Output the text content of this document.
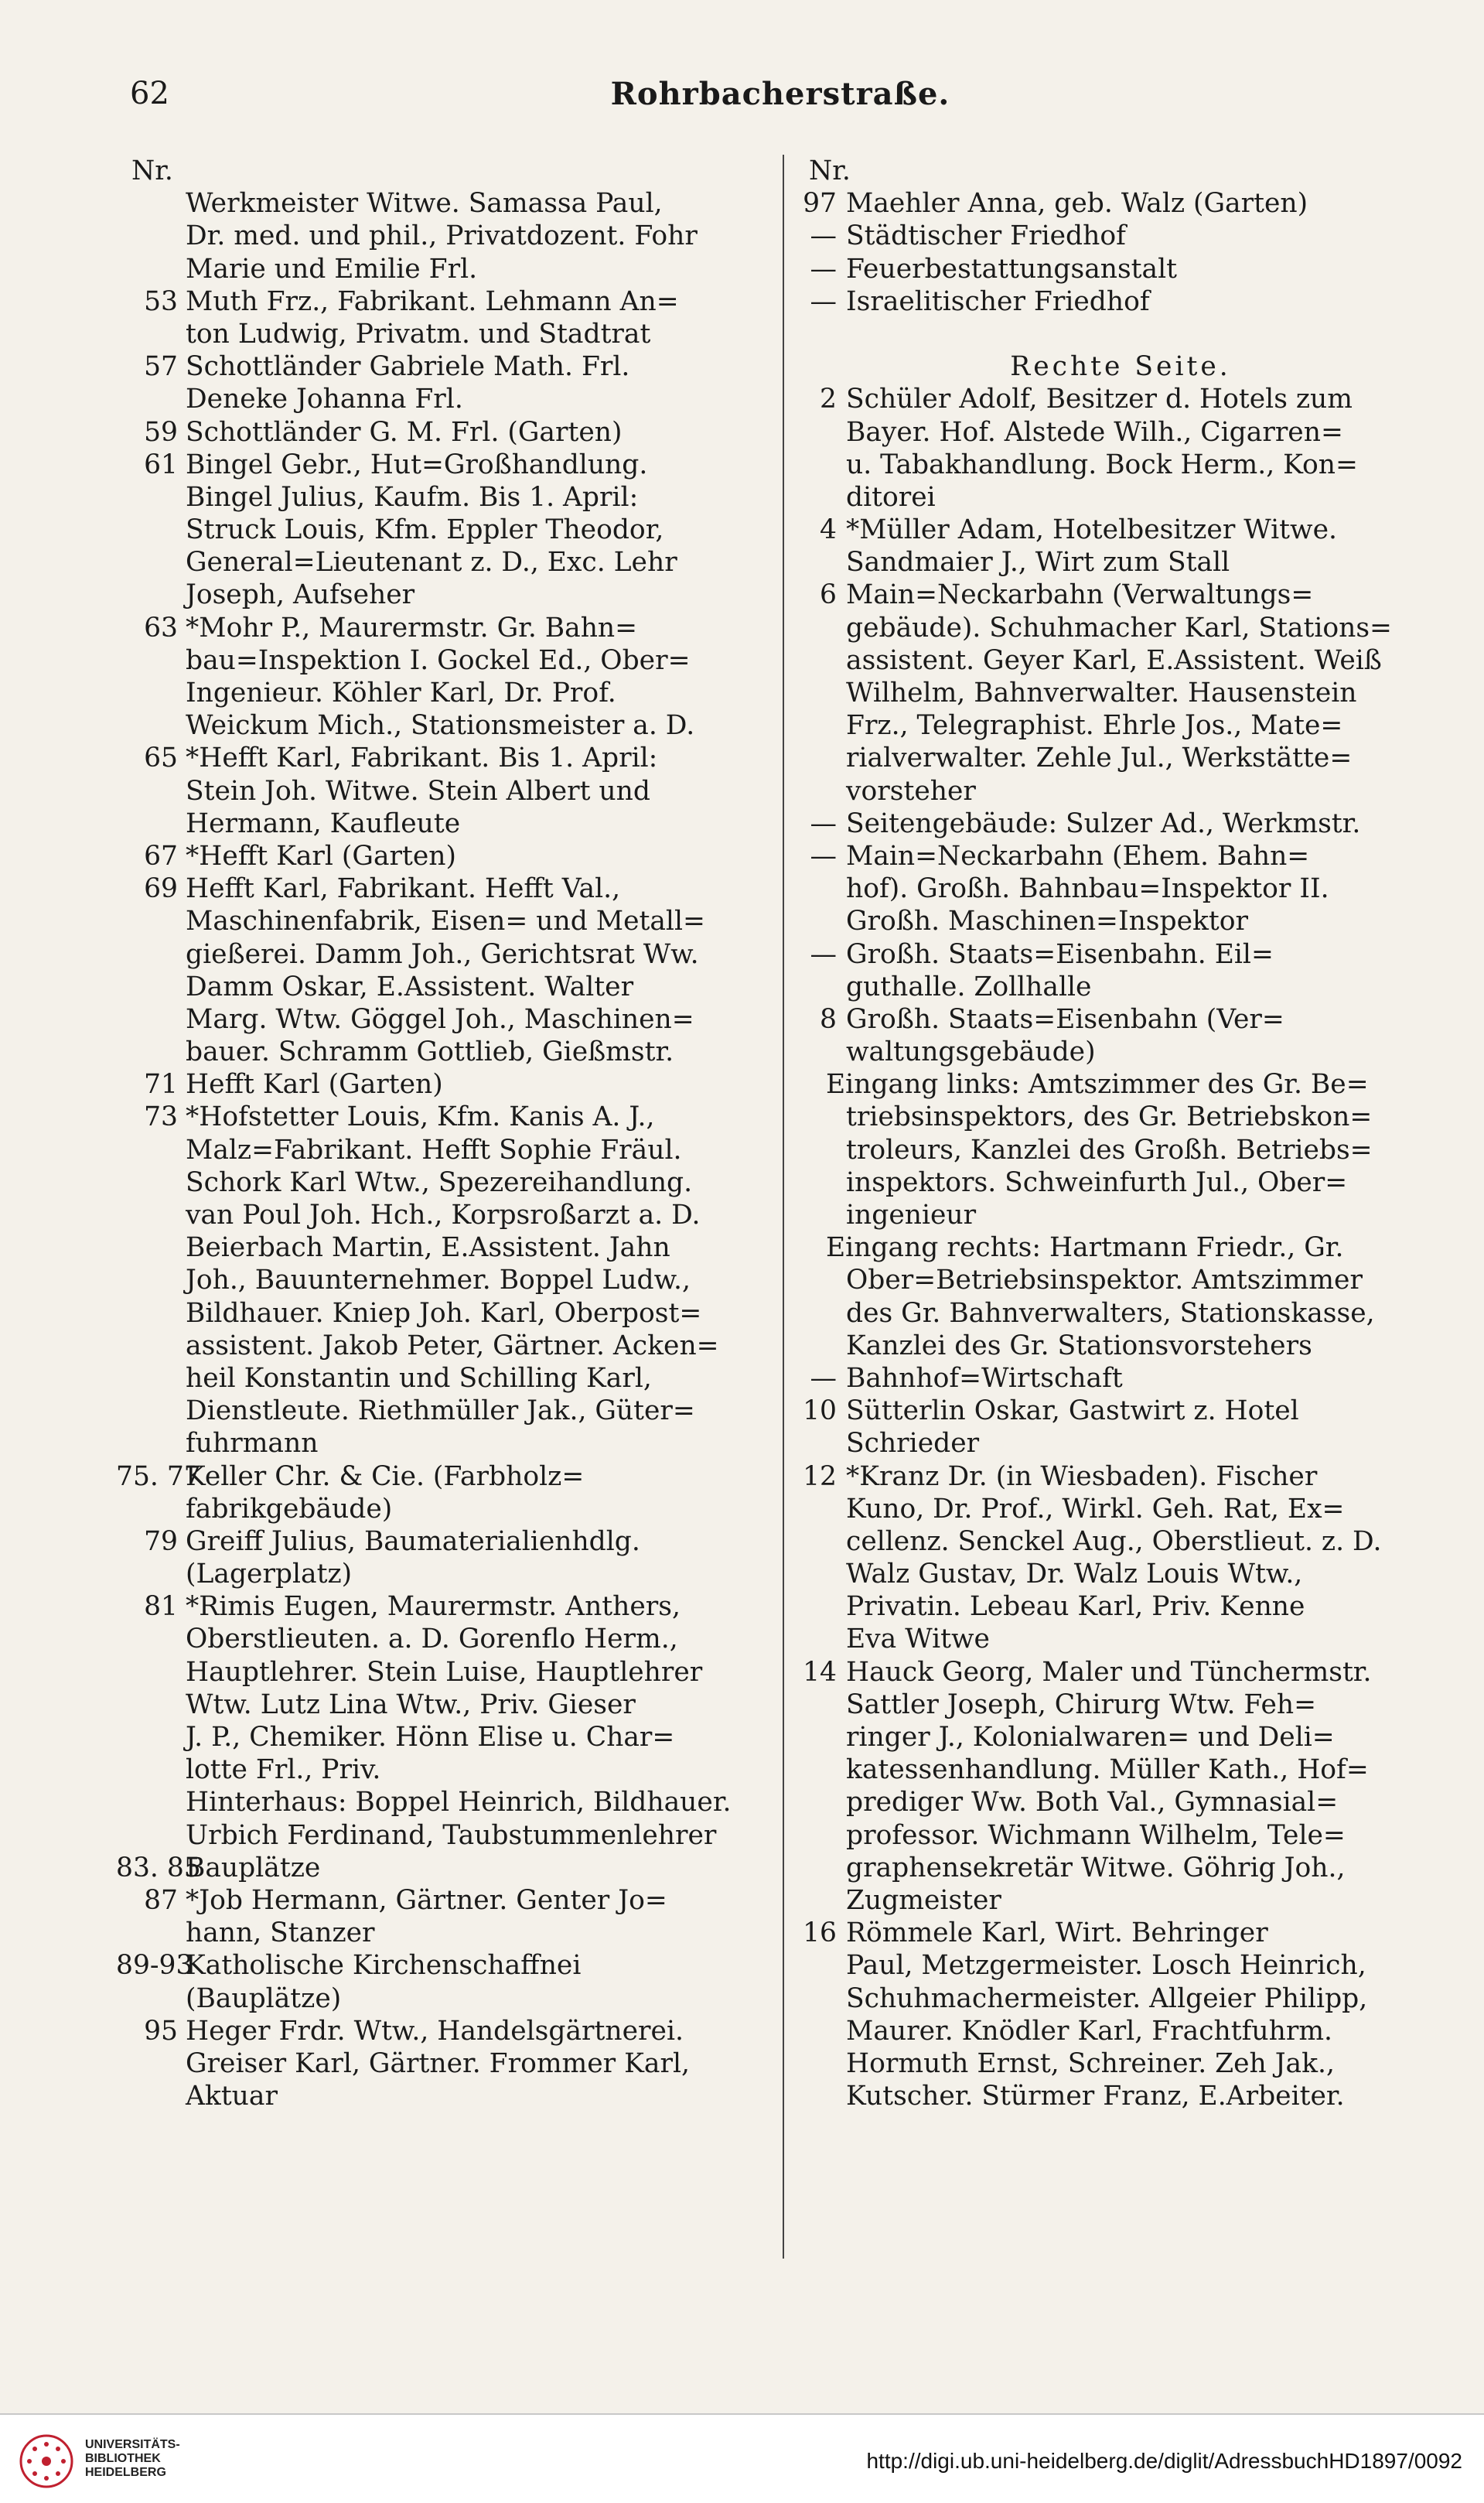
62	Rohrbacherstraße.
Nr.
Werkmeister Witwe. Samassa Paul,
Dr. med. und phil., Privatdozent. Fohr
Marie und Emilie Frl.
53 Muth Frz., Fabrikant. Lehmann An=
ton Ludwig, Privatm. und Stadtrat
57 Schottländer Gabriele Math. Frl.
Deneke Johanna Frl.
59 Schottländer G. M. Frl. (Garten)
61 Bingel Gebr., Hut=Großhandlung.
Bingel Julius, Kaufm. Bis 1. April:
Struck Louis, Kfm. Eppler Theodor,
General=Lieutenant z. D., Exc. Lehr
Joseph, Aufseher
63 *Mohr P., Maurermstr. Gr. Bahn=
bau=Inspektion I. Gockel Ed., Ober=
Ingenieur. Köhler Karl, Dr. Prof.
Weickum Mich., Stationsmeister a. D.
65 *Hefft Karl, Fabrikant. Bis 1. April:
Stein Joh. Witwe. Stein Albert und
Hermann, Kaufleute
67 *Hefft Karl (Garten)
69 Hefft Karl, Fabrikant. Hefft Val.,
Maschinenfabrik, Eisen= und Metall=
gießerei. Damm Joh., Gerichtsrat Ww.
Damm Oskar, E.Assistent. Walter
Marg. Wtw. Göggel Joh., Maschinen=
bauer. Schramm Gottlieb, Gießmstr.
71 Hefft Karl (Garten)
73 *Hofstetter Louis, Kfm. Kanis A. J.,
Malz=Fabrikant. Hefft Sophie Fräul.
Schork Karl Wtw., Spezereihandlung.
van Poul Joh. Hch., Korpsroßarzt a. D.
Beierbach Martin, E.Assistent. Jahn
Joh., Bauunternehmer. Boppel Ludw.,
Bildhauer. Kniep Joh. Karl, Oberpost=
assistent. Jakob Peter, Gärtner. Acken=
heil Konstantin und Schilling Karl,
Dienstleute. Riethmüller Jak., Güter=
fuhrmann
75. 77Keller Chr. & Cie. (Farbholz=
fabrikgebäude)
79 Greiff Julius, Baumaterialienhdlg.
(Lagerplatz)
81 *Rimis Eugen, Maurermstr. Anthers,
Oberstlieuten. a. D. Gorenflo Herm.,
Hauptlehrer. Stein Luise, Hauptlehrer
Wtw. Lutz Lina Wtw., Priv. Gieser
J. P., Chemiker. Hönn Elise u. Char=
lotte Frl., Priv.
Hinterhaus: Boppel Heinrich, Bildhauer.
Urbich Ferdinand, Taubstummenlehrer
83. 85Bauplätze
87 *Job Hermann, Gärtner. Genter Jo=
hann, Stanzer
89-93Katholische Kirchenschaffnei
(Bauplätze)
95 Heger Frdr. Wtw., Handelsgärtnerei.
Greiser Karl, Gärtner. Frommer Karl,
Aktuar
Nr.
97 Maehler Anna, geb. Walz (Garten)
— Städtischer Friedhof
— Feuerbestattungsanstalt
— Israelitischer Friedhof
Rechte Seite.
2 Schüler Adolf, Besitzer d. Hotels zum
Bayer. Hof. Alstede Wilh., Cigarren=
u. Tabakhandlung. Bock Herm., Kon=
ditorei
4 *Müller Adam, Hotelbesitzer Witwe.
Sandmaier J., Wirt zum Stall
6 Main=Neckarbahn (Verwaltungs=
gebäude). Schuhmacher Karl, Stations=
assistent. Geyer Karl, E.Assistent. Weiß
Wilhelm, Bahnverwalter. Hausenstein
Frz., Telegraphist. Ehrle Jos., Mate=
rialverwalter. Zehle Jul., Werkstätte=
vorsteher
— Seitengebäude: Sulzer Ad., Werkmstr.
— Main=Neckarbahn (Ehem. Bahn=
hof). Großh. Bahnbau=Inspektor II.
Großh. Maschinen=Inspektor
— Großh. Staats=Eisenbahn. Eil=
guthalle. Zollhalle
8 Großh. Staats=Eisenbahn (Ver=
waltungsgebäude)
Eingang links: Amtszimmer des Gr. Be=
triebsinspektors, des Gr. Betriebskon=
troleurs, Kanzlei des Großh. Betriebs=
inspektors. Schweinfurth Jul., Ober=
ingenieur
Eingang rechts: Hartmann Friedr., Gr.
Ober=Betriebsinspektor. Amtszimmer
des Gr. Bahnverwalters, Stationskasse,
Kanzlei des Gr. Stationsvorstehers
— Bahnhof=Wirtschaft
10 Sütterlin Oskar, Gastwirt z. Hotel
Schrieder
12 *Kranz Dr. (in Wiesbaden). Fischer
Kuno, Dr. Prof., Wirkl. Geh. Rat, Ex=
cellenz. Senckel Aug., Oberstlieut. z. D.
Walz Gustav, Dr. Walz Louis Wtw.,
Privatin. Lebeau Karl, Priv. Kenne
Eva Witwe
14 Hauck Georg, Maler und Tünchermstr.
Sattler Joseph, Chirurg Wtw. Feh=
ringer J., Kolonialwaren= und Deli=
katessenhandlung. Müller Kath., Hof=
prediger Ww. Both Val., Gymnasial=
professor. Wichmann Wilhelm, Tele=
graphensekretär Witwe. Göhrig Joh.,
Zugmeister
16 Römmele Karl, Wirt. Behringer
Paul, Metzgermeister. Losch Heinrich,
Schuhmachermeister. Allgeier Philipp,
Maurer. Knödler Karl, Frachtfuhrm.
Hormuth Ernst, Schreiner. Zeh Jak.,
Kutscher. Stürmer Franz, E.Arbeiter.
UNIVERSITÄTS-
BIBLIOTHEK
HEIDELBERG	http://digi.ub.uni-heidelberg.de/diglit/AdressbuchHD1897/0092
